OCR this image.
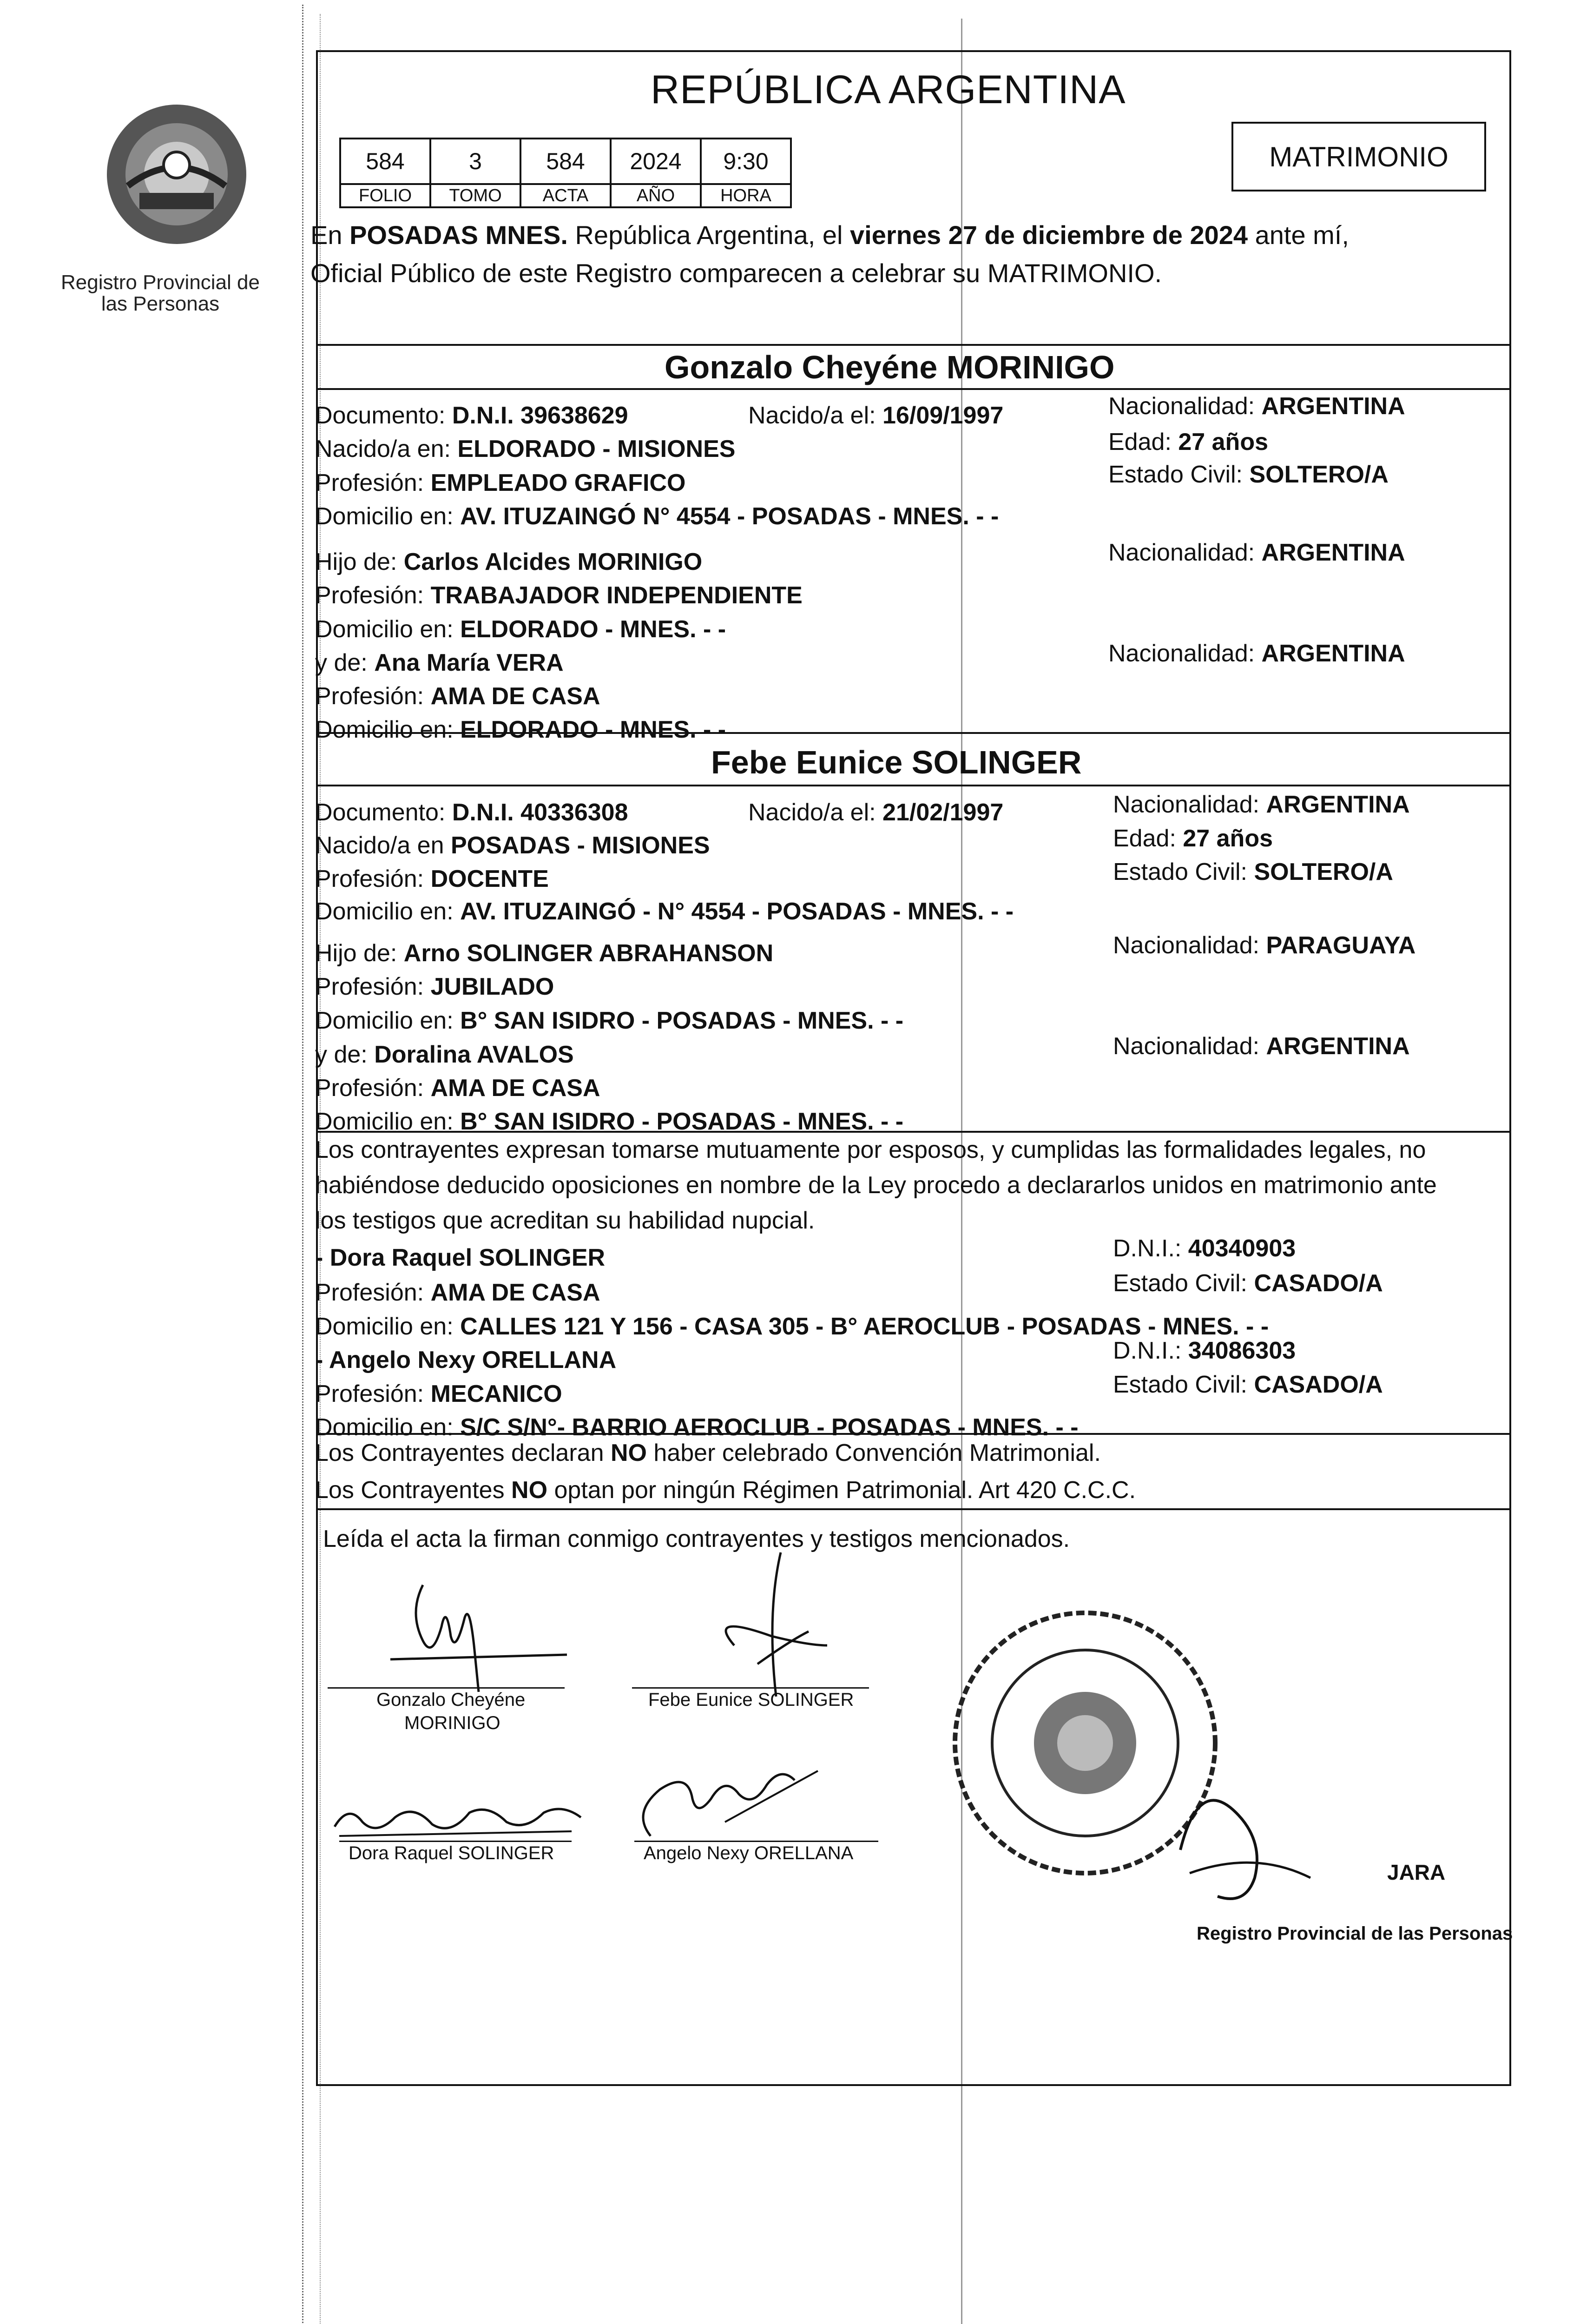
Registro Provincial de las Personas
REPÚBLICA ARGENTINA
584	3	584	2024	9:30
FOLIO	TOMO	ACTA	AÑO	HORA
MATRIMONIO
En POSADAS MNES. República Argentina, el viernes 27 de diciembre de 2024 ante mí,
Oficial Público de este Registro comparecen a celebrar su MATRIMONIO.
Gonzalo Cheyéne MORINIGO
Documento: D.N.I. 39638629	Nacido/a el: 16/09/1997	Nacionalidad: ARGENTINA
Nacido/a en: ELDORADO - MISIONES	Edad: 27 años
Profesión: EMPLEADO GRAFICO	Estado Civil: SOLTERO/A
Domicilio en: AV. ITUZAINGÓ N° 4554 - POSADAS - MNES. - -
Hijo de: Carlos Alcides MORINIGO	Nacionalidad: ARGENTINA
Profesión: TRABAJADOR INDEPENDIENTE
Domicilio en: ELDORADO - MNES. - -
y de: Ana María VERA	Nacionalidad: ARGENTINA
Profesión: AMA DE CASA
Domicilio en: ELDORADO - MNES. - -
Febe Eunice SOLINGER
Documento: D.N.I. 40336308	Nacido/a el: 21/02/1997	Nacionalidad: ARGENTINA
Nacido/a en POSADAS - MISIONES	Edad: 27 años
Profesión: DOCENTE	Estado Civil: SOLTERO/A
Domicilio en: AV. ITUZAINGÓ - N° 4554 - POSADAS - MNES. - -
Hijo de: Arno SOLINGER ABRAHANSON	Nacionalidad: PARAGUAYA
Profesión: JUBILADO
Domicilio en: B° SAN ISIDRO - POSADAS - MNES. - -
y de: Doralina AVALOS	Nacionalidad: ARGENTINA
Profesión: AMA DE CASA
Domicilio en: B° SAN ISIDRO - POSADAS - MNES. - -
Los contrayentes expresan tomarse mutuamente por esposos, y cumplidas las formalidades legales, no
habiéndose deducido oposiciones en nombre de la Ley procedo a declararlos unidos en matrimonio ante
los testigos que acreditan su habilidad nupcial.
- Dora Raquel SOLINGER	D.N.I.: 40340903
Profesión: AMA DE CASA	Estado Civil: CASADO/A
Domicilio en: CALLES 121 Y 156 - CASA 305 - B° AEROCLUB - POSADAS - MNES. - -
- Angelo Nexy ORELLANA	D.N.I.: 34086303
Profesión: MECANICO	Estado Civil: CASADO/A
Domicilio en: S/C S/N°- BARRIO AEROCLUB - POSADAS - MNES. - -
Los Contrayentes declaran NO haber celebrado Convención Matrimonial.
Los Contrayentes NO optan por ningún Régimen Patrimonial. Art 420 C.C.C.
Leída el acta la firman conmigo contrayentes y testigos mencionados.
Gonzalo Cheyéne
MORINIGO
Febe Eunice SOLINGER
Dora Raquel SOLINGER	Angelo Nexy ORELLANA
JARA
Registro Provincial de las Personas
